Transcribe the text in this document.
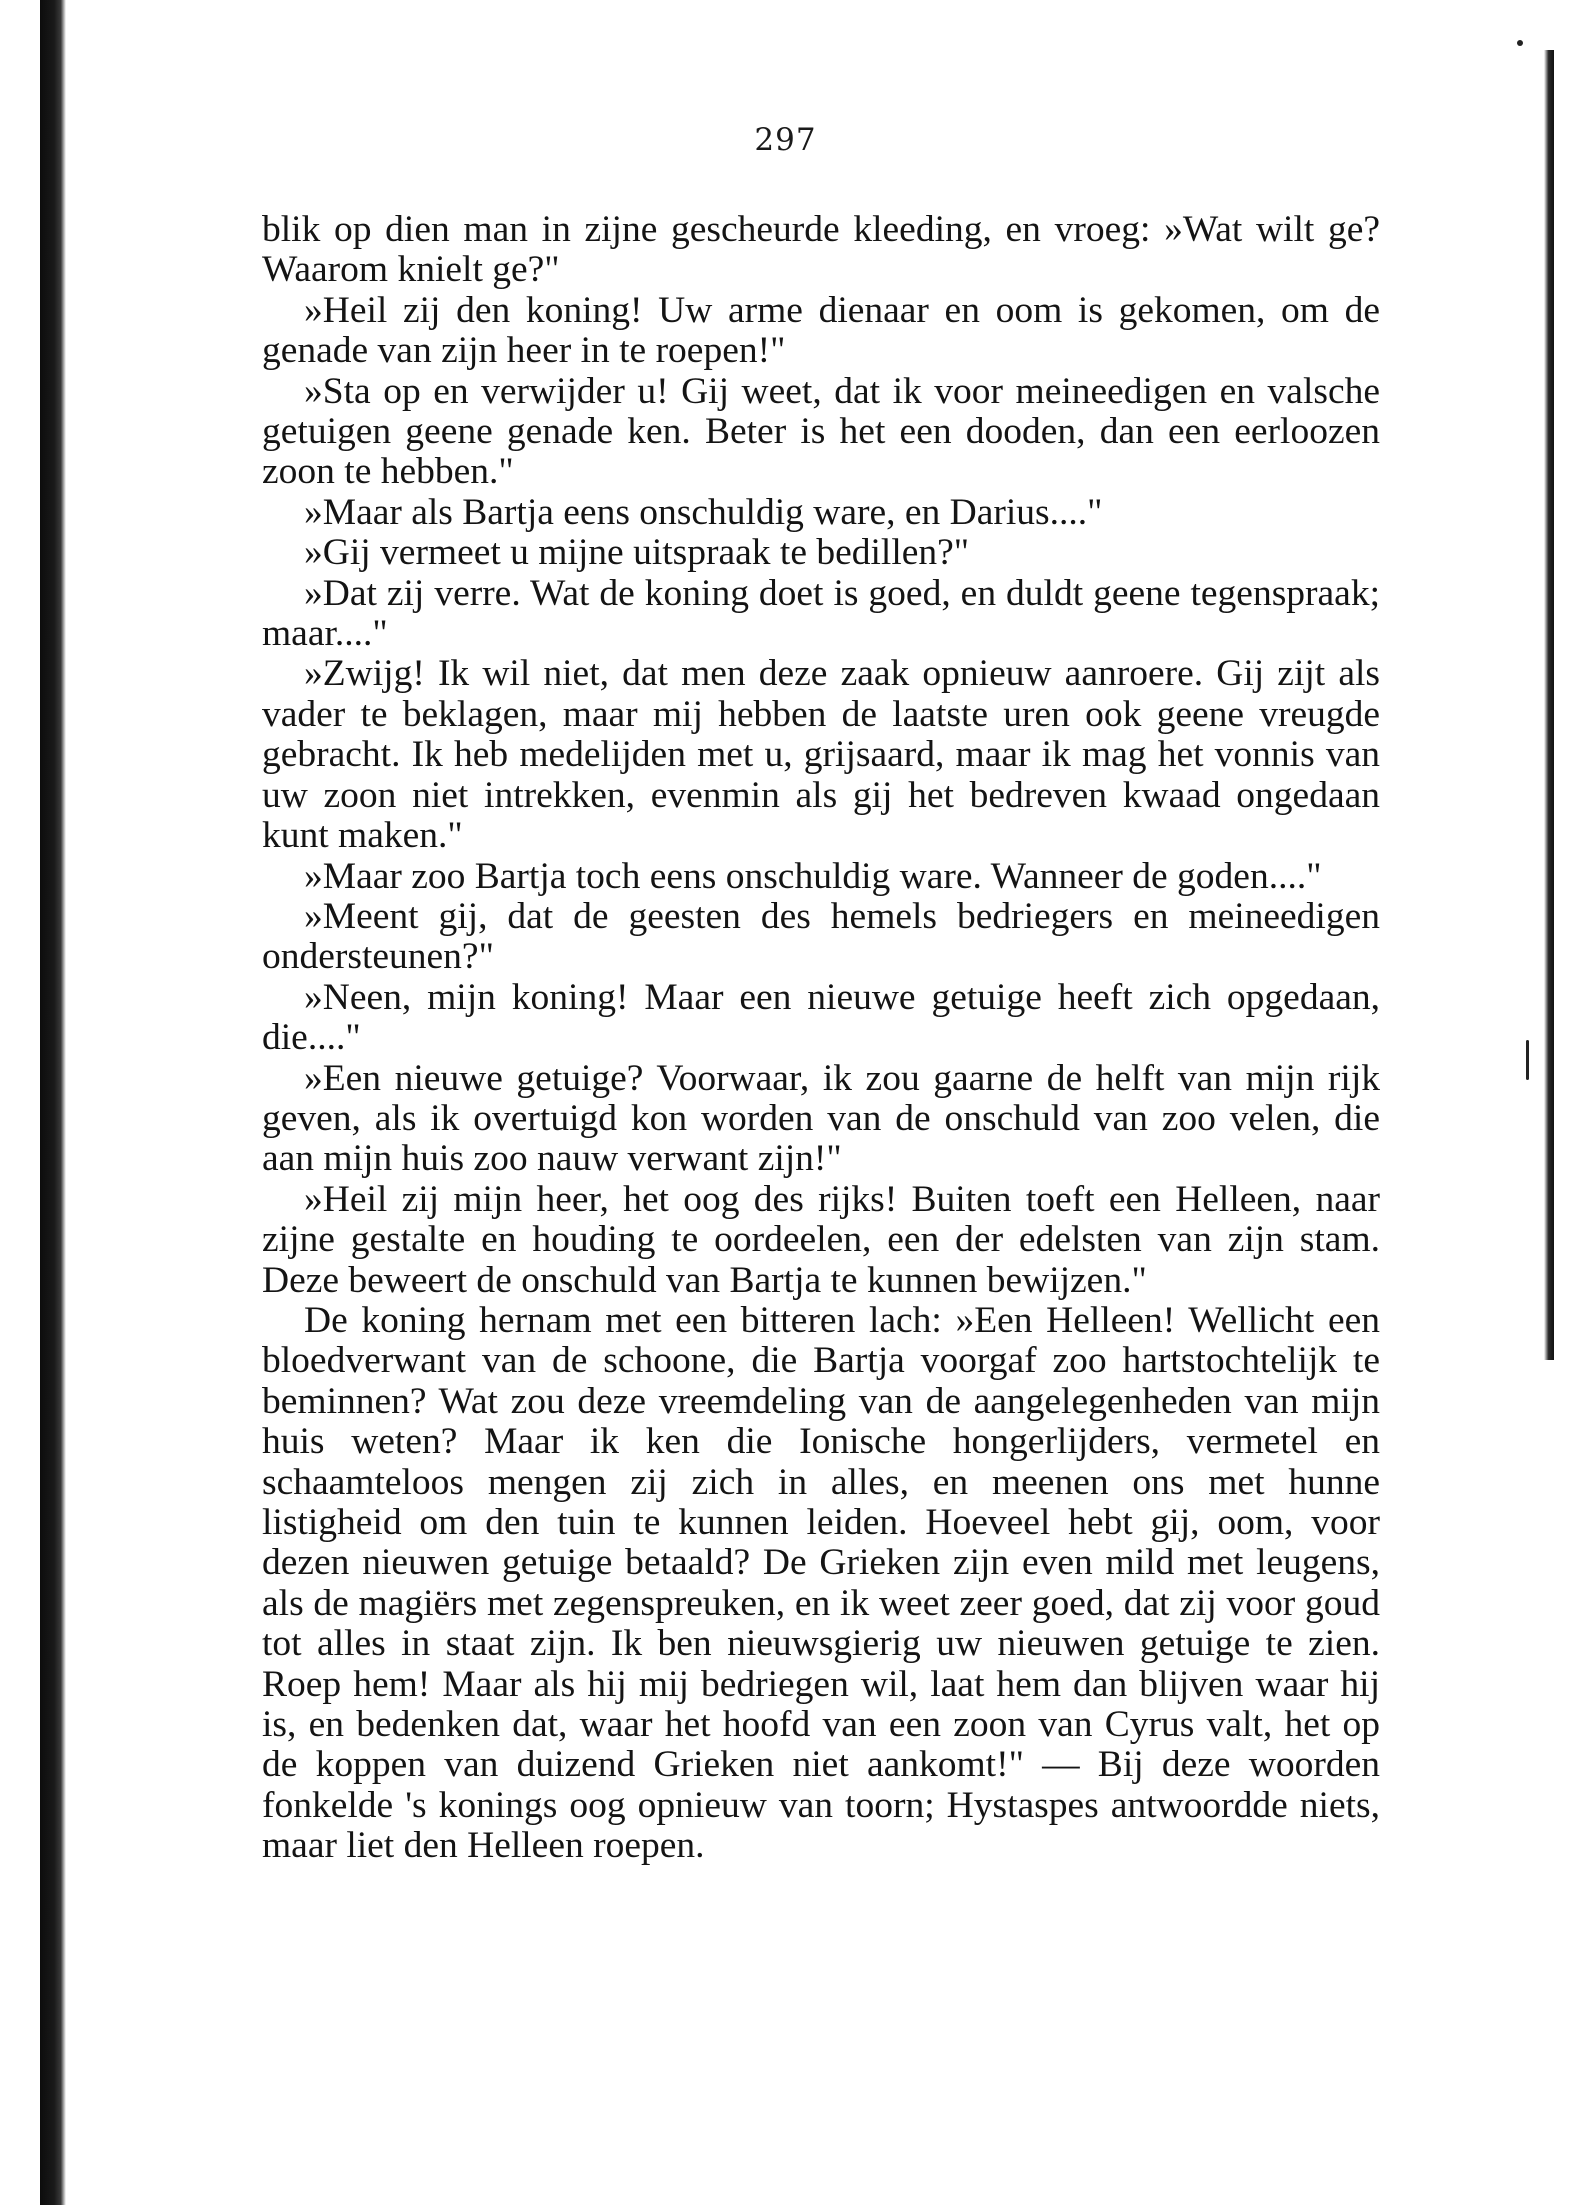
297

blik op dien man in zijne gescheurde kleeding, en vroeg: »Wat wilt ge? Waarom knielt ge?"

»Heil zij den koning! Uw arme dienaar en oom is gekomen, om de genade van zijn heer in te roepen!"

»Sta op en verwijder u! Gij weet, dat ik voor meineedigen en valsche getuigen geene genade ken. Beter is het een dooden, dan een eerloozen zoon te hebben."

»Maar als Bartja eens onschuldig ware, en Darius...."

»Gij vermeet u mijne uitspraak te bedillen?"

»Dat zij verre. Wat de koning doet is goed, en duldt geene tegenspraak; maar...."

»Zwijg! Ik wil niet, dat men deze zaak opnieuw aanroere. Gij zijt als vader te beklagen, maar mij hebben de laatste uren ook geene vreugde gebracht. Ik heb medelijden met u, grijsaard, maar ik mag het vonnis van uw zoon niet intrekken, evenmin als gij het bedreven kwaad ongedaan kunt maken."

»Maar zoo Bartja toch eens onschuldig ware. Wanneer de goden...."

»Meent gij, dat de geesten des hemels bedriegers en meineedigen ondersteunen?"

»Neen, mijn koning! Maar een nieuwe getuige heeft zich opgedaan, die...."

»Een nieuwe getuige? Voorwaar, ik zou gaarne de helft van mijn rijk geven, als ik overtuigd kon worden van de onschuld van zoo velen, die aan mijn huis zoo nauw verwant zijn!"

»Heil zij mijn heer, het oog des rijks! Buiten toeft een Helleen, naar zijne gestalte en houding te oordeelen, een der edelsten van zijn stam. Deze beweert de onschuld van Bartja te kunnen bewijzen."

De koning hernam met een bitteren lach: »Een Helleen! Wellicht een bloedverwant van de schoone, die Bartja voorgaf zoo hartstochtelijk te beminnen? Wat zou deze vreemdeling van de aangelegenheden van mijn huis weten? Maar ik ken die Ionische hongerlijders, vermetel en schaamteloos mengen zij zich in alles, en meenen ons met hunne listigheid om den tuin te kunnen leiden. Hoeveel hebt gij, oom, voor dezen nieuwen getuige betaald? De Grieken zijn even mild met leugens, als de magiërs met zegenspreuken, en ik weet zeer goed, dat zij voor goud tot alles in staat zijn. Ik ben nieuwsgierig uw nieuwen getuige te zien. Roep hem! Maar als hij mij bedriegen wil, laat hem dan blijven waar hij is, en bedenken dat, waar het hoofd van een zoon van Cyrus valt, het op de koppen van duizend Grieken niet aankomt!" — Bij deze woorden fonkelde 's konings oog opnieuw van toorn; Hystaspes antwoordde niets, maar liet den Helleen roepen.
